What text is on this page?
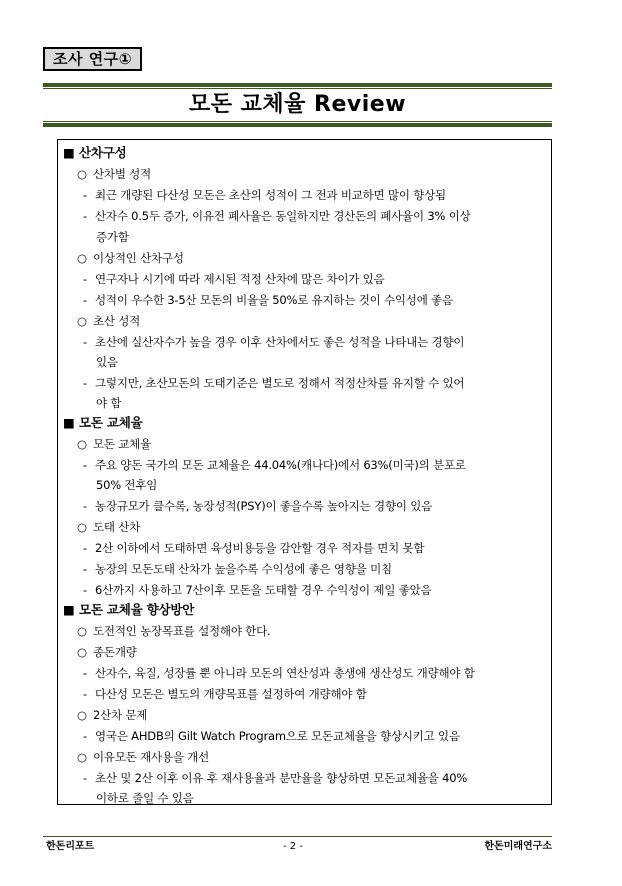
조사 연구①
모돈 교체율 Review
■ 산차구성
○ 산차별 성적
- 최근 개량된 다산성 모돈은 초산의 성적이 그 전과 비교하면 많이 향상됨
- 산자수 0.5두 증가, 이유전 폐사율은 동일하지만 경산돈의 폐사율이 3% 이상
증가함
○ 이상적인 산차구성
- 연구자나 시기에 따라 제시된 적정 산차에 많은 차이가 있음
- 성적이 우수한 3-5산 모돈의 비율을 50%로 유지하는 것이 수익성에 좋음
○ 초산 성적
- 초산에 실산자수가 높을 경우 이후 산차에서도 좋은 성적을 나타내는 경향이
있음
- 그렇지만, 초산모돈의 도태기준은 별도로 정해서 적정산차를 유지할 수 있어
야 함
■ 모돈 교체율
○ 모돈 교체율
- 주요 양돈 국가의 모돈 교체율은 44.04%(캐나다)에서 63%(미국)의 분포로
50% 전후임
- 농장규모가 클수록, 농장성적(PSY)이 좋을수록 높아지는 경향이 있음
○ 도태 산차
- 2산 이하에서 도태하면 육성비용등을 감안할 경우 적자를 면치 못함
- 농장의 모돈도태 산차가 높을수록 수익성에 좋은 영향을 미침
- 6산까지 사용하고 7산이후 모돈을 도태할 경우 수익성이 제일 좋았음
■ 모돈 교체율 향상방안
○ 도전적인 농장목표를 설정해야 한다.
○ 종돈개량
- 산자수, 육질, 성장률 뿐 아니라 모돈의 연산성과 총생애 생산성도 개량해야 함
- 다산성 모돈은 별도의 개량목표를 설정하여 개량해야 함
○ 2산차 문제
- 영국은 AHDB의 Gilt Watch Program으로 모돈교체율을 향상시키고 있음
○ 이유모돈 재사용을 개선
- 초산 및 2산 이후 이유 후 재사용율과 분만율을 향상하면 모돈교체율을 40%
이하로 줄일 수 있음
한돈리포트	- 2 -	한돈미래연구소
